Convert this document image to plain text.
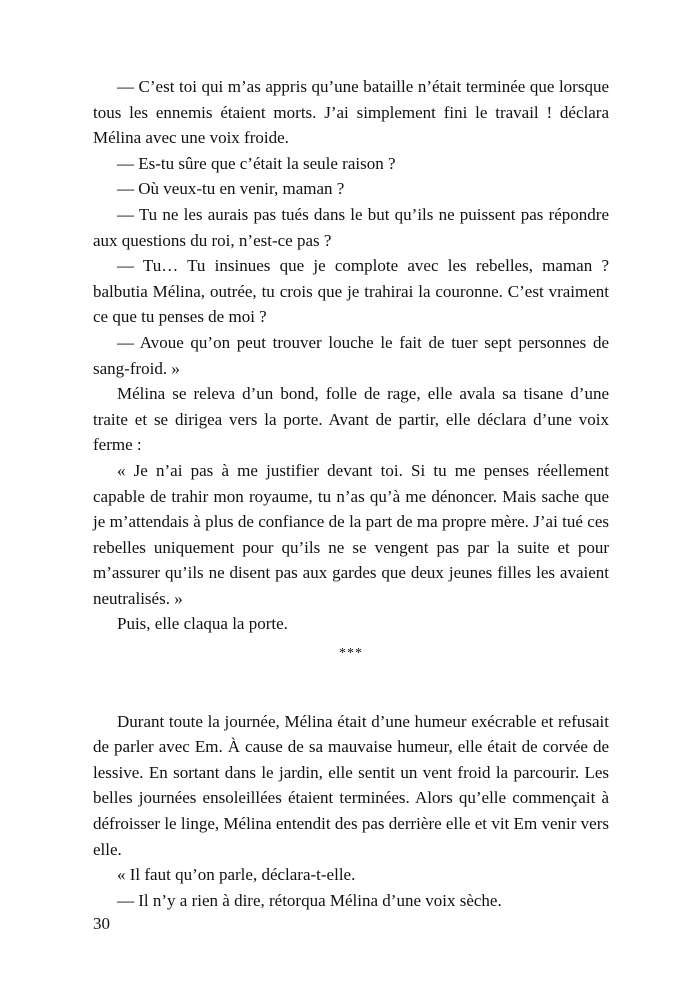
— C’est toi qui m’as appris qu’une bataille n’était terminée que lorsque tous les ennemis étaient morts. J’ai simplement fini le travail ! déclara Mélina avec une voix froide.

— Es-tu sûre que c’était la seule raison ?

— Où veux-tu en venir, maman ?

— Tu ne les aurais pas tués dans le but qu’ils ne puissent pas répondre aux questions du roi, n’est-ce pas ?

— Tu… Tu insinues que je complote avec les rebelles, maman ? balbutia Mélina, outrée, tu crois que je trahirai la couronne. C’est vraiment ce que tu penses de moi ?

— Avoue qu’on peut trouver louche le fait de tuer sept personnes de sang-froid. »

Mélina se releva d’un bond, folle de rage, elle avala sa tisane d’une traite et se dirigea vers la porte. Avant de partir, elle déclara d’une voix ferme :

« Je n’ai pas à me justifier devant toi. Si tu me penses réellement capable de trahir mon royaume, tu n’as qu’à me dénoncer. Mais sache que je m’attendais à plus de confiance de la part de ma propre mère. J’ai tué ces rebelles uniquement pour qu’ils ne se vengent pas par la suite et pour m’assurer qu’ils ne disent pas aux gardes que deux jeunes filles les avaient neutralisés. »

Puis, elle claqua la porte.

***

Durant toute la journée, Mélina était d’une humeur exécrable et refusait de parler avec Em. À cause de sa mauvaise humeur, elle était de corvée de lessive. En sortant dans le jardin, elle sentit un vent froid la parcourir. Les belles journées ensoleillées étaient terminées. Alors qu’elle commençait à défroisser le linge, Mélina entendit des pas derrière elle et vit Em venir vers elle.

« Il faut qu’on parle, déclara-t-elle.

— Il n’y a rien à dire, rétorqua Mélina d’une voix sèche.

30
